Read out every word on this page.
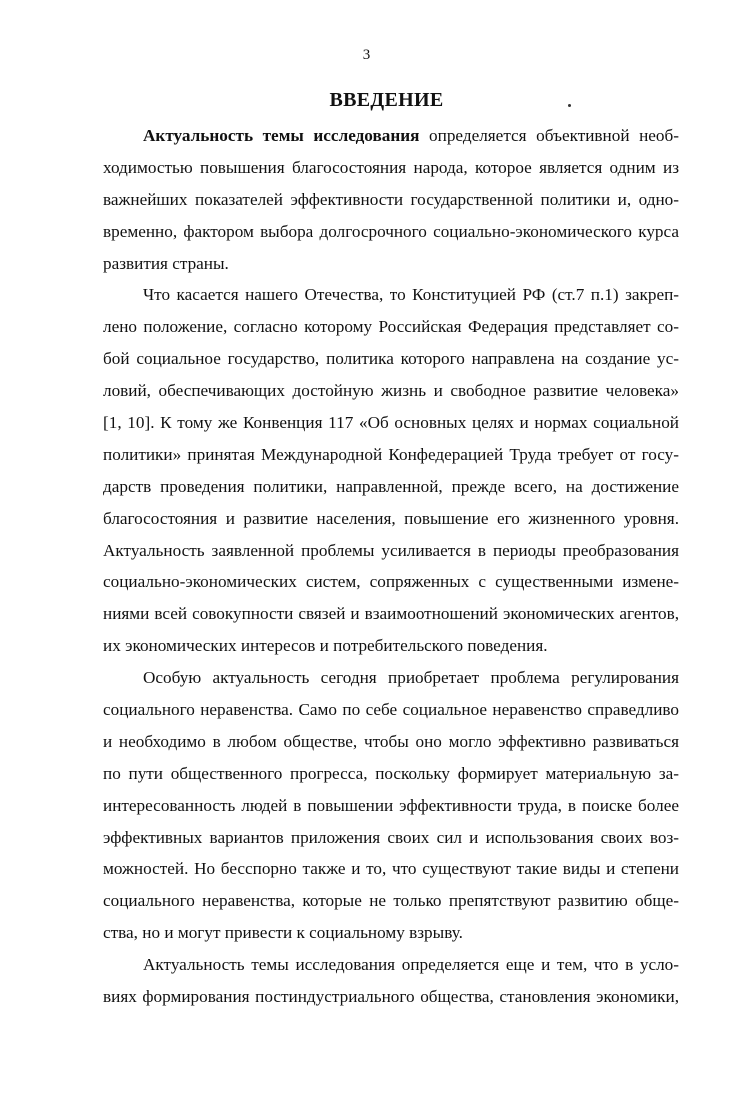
3
ВВЕДЕНИЕ
Актуальность темы исследования определяется объективной необ-
ходимостью повышения благосостояния народа, которое является одним из
важнейших показателей эффективности государственной политики и, одно-
временно, фактором выбора долгосрочного социально-экономического курса
развития страны.
Что касается нашего Отечества, то Конституцией РФ (ст.7 п.1) закреп-
лено положение, согласно которому Российская Федерация представляет со-
бой социальное государство, политика которого направлена на создание ус-
ловий, обеспечивающих достойную жизнь и свободное развитие человека»
[1, 10]. К тому же Конвенция 117 «Об основных целях и нормах социальной
политики» принятая Международной Конфедерацией Труда требует от госу-
дарств проведения политики, направленной, прежде всего, на достижение
благосостояния и развитие населения, повышение его жизненного уровня.
Актуальность заявленной проблемы усиливается в периоды преобразования
социально-экономических систем, сопряженных с существенными измене-
ниями всей совокупности связей и взаимоотношений экономических агентов,
их экономических интересов и потребительского поведения.
Особую актуальность сегодня приобретает проблема регулирования
социального неравенства. Само по себе социальное неравенство справедливо
и необходимо в любом обществе, чтобы оно могло эффективно развиваться
по пути общественного прогресса, поскольку формирует материальную за-
интересованность людей в повышении эффективности труда, в поиске более
эффективных вариантов приложения своих сил и использования своих воз-
можностей. Но бесспорно также и то, что существуют такие виды и степени
социального неравенства, которые не только препятствуют развитию обще-
ства, но и могут привести к социальному взрыву.
Актуальность темы исследования определяется еще и тем, что в усло-
виях формирования постиндустриального общества, становления экономики,
